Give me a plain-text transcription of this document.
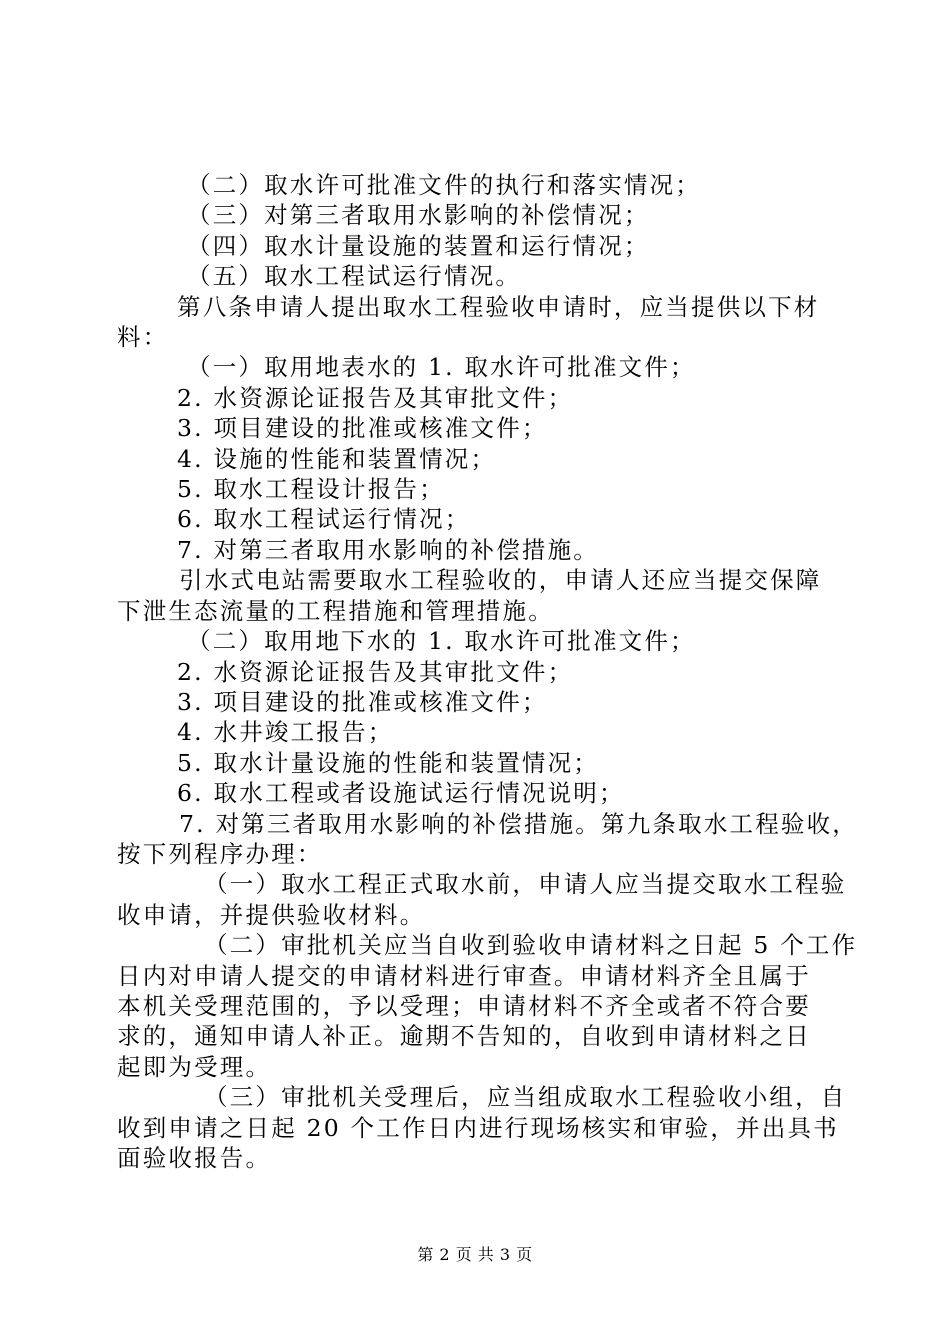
（二）取水许可批准文件的执行和落实情况；

（三）对第三者取用水影响的补偿情况；

（四）取水计量设施的装置和运行情况；

（五）取水工程试运行情况。

第八条申请人提出取水工程验收申请时，应当提供以下材

料：

（一）取用地表水的 1. 取水许可批准文件；

2. 水资源论证报告及其审批文件；

3. 项目建设的批准或核准文件；

4. 设施的性能和装置情况；

5. 取水工程设计报告；

6. 取水工程试运行情况；

7. 对第三者取用水影响的补偿措施。

引水式电站需要取水工程验收的，申请人还应当提交保障

下泄生态流量的工程措施和管理措施。

（二）取用地下水的 1. 取水许可批准文件；

2. 水资源论证报告及其审批文件；

3. 项目建设的批准或核准文件；

4. 水井竣工报告；

5. 取水计量设施的性能和装置情况；

6. 取水工程或者设施试运行情况说明；

7. 对第三者取用水影响的补偿措施。第九条取水工程验收，

按下列程序办理：

（一）取水工程正式取水前，申请人应当提交取水工程验

收申请，并提供验收材料。

（二）审批机关应当自收到验收申请材料之日起 5 个工作

日内对申请人提交的申请材料进行审查。申请材料齐全且属于

本机关受理范围的，予以受理；申请材料不齐全或者不符合要

求的，通知申请人补正。逾期不告知的，自收到申请材料之日

起即为受理。

（三）审批机关受理后，应当组成取水工程验收小组，自

收到申请之日起 20 个工作日内进行现场核实和审验，并出具书

面验收报告。

第 2 页 共 3 页
